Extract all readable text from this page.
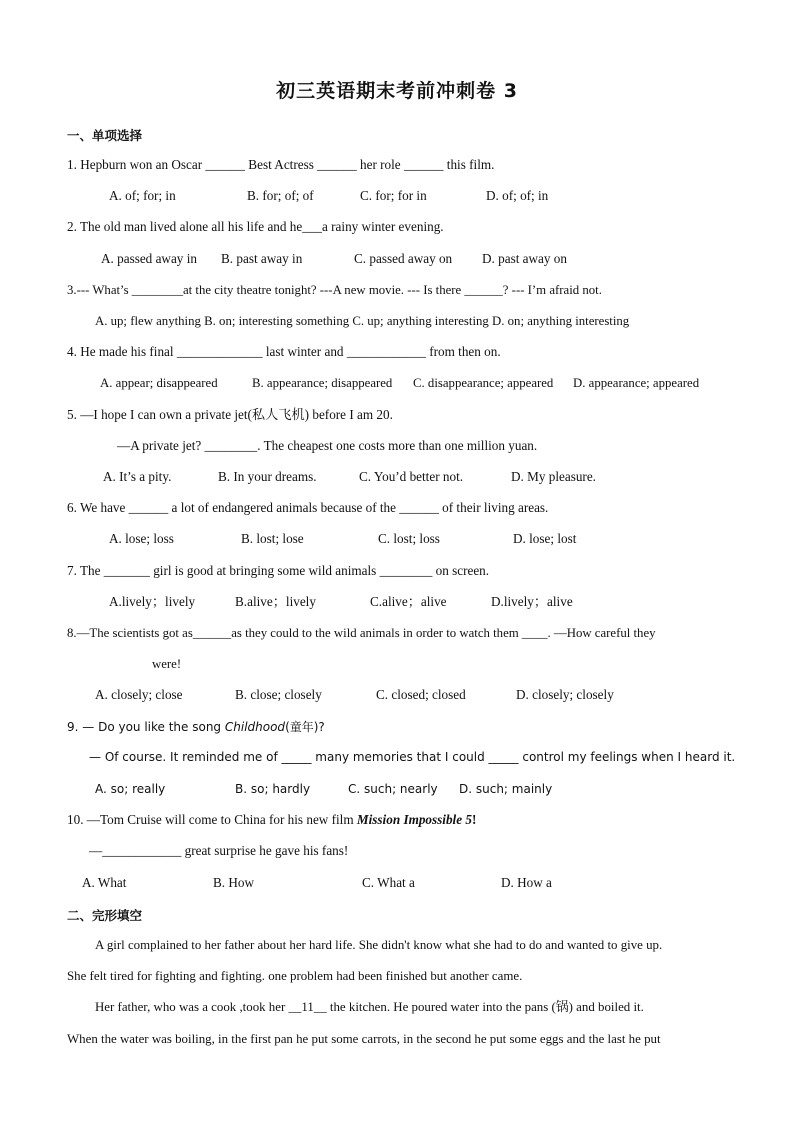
初三英语期末考前冲刺卷 3
一、单项选择
1. Hepburn won an Oscar ______ Best Actress ______ her role ______ this film.
A. of; for; in	B. for; of; of	C. for; for in	D. of; of; in
2. The old man lived alone all his life and he___a rainy winter evening.
A. passed away in B. past away in	C. passed away on D. past away on
3.--- What’s ________at the city theatre tonight? ---A new movie. --- Is there ______? --- I’m afraid not.
A. up; flew anything B. on; interesting something C. up; anything interesting D. on; anything interesting
4. He made his final _____________ last winter and ____________ from then on.
A. appear; disappeared	B. appearance; disappeared C. disappearance; appeared D. appearance; appeared
5. —I hope I can own a private jet(私人飞机) before I am 20.
—A private jet? ________. The cheapest one costs more than one million yuan.
A. It’s a pity.	B. In your dreams.	C. You’d better not.	D. My pleasure.
6. We have ______ a lot of endangered animals because of the ______ of their living areas.
A. lose; loss	B. lost; lose	C. lost; loss	D. lose; lost
7. The _______ girl is good at bringing some wild animals ________ on screen.
A.lively；lively	B.alive；lively	C.alive；alive	D.lively；alive
8.—The scientists got as______as they could to the wild animals in order to watch them ____. —How careful they
were!
A. closely; close	B. close; closely	C. closed; closed	D. closely; closely
9. — Do you like the song Childhood(童年)?
— Of course. It reminded me of _____ many memories that I could _____ control my feelings when I heard it.
A. so; really	B. so; hardly	C. such; nearly D. such; mainly
10. —Tom Cruise will come to China for his new film Mission Impossible 5!
—____________ great surprise he gave his fans!
A. What	B. How	C. What a	D. How a
二、完形填空
A girl complained to her father about her hard life. She didn't know what she had to do and wanted to give up.
She felt tired for fighting and fighting. one problem had been finished but another came.
Her father, who was a cook ,took her __11__ the kitchen. He poured water into the pans (锅) and boiled it.
When the water was boiling, in the first pan he put some carrots, in the second he put some eggs and the last he put
